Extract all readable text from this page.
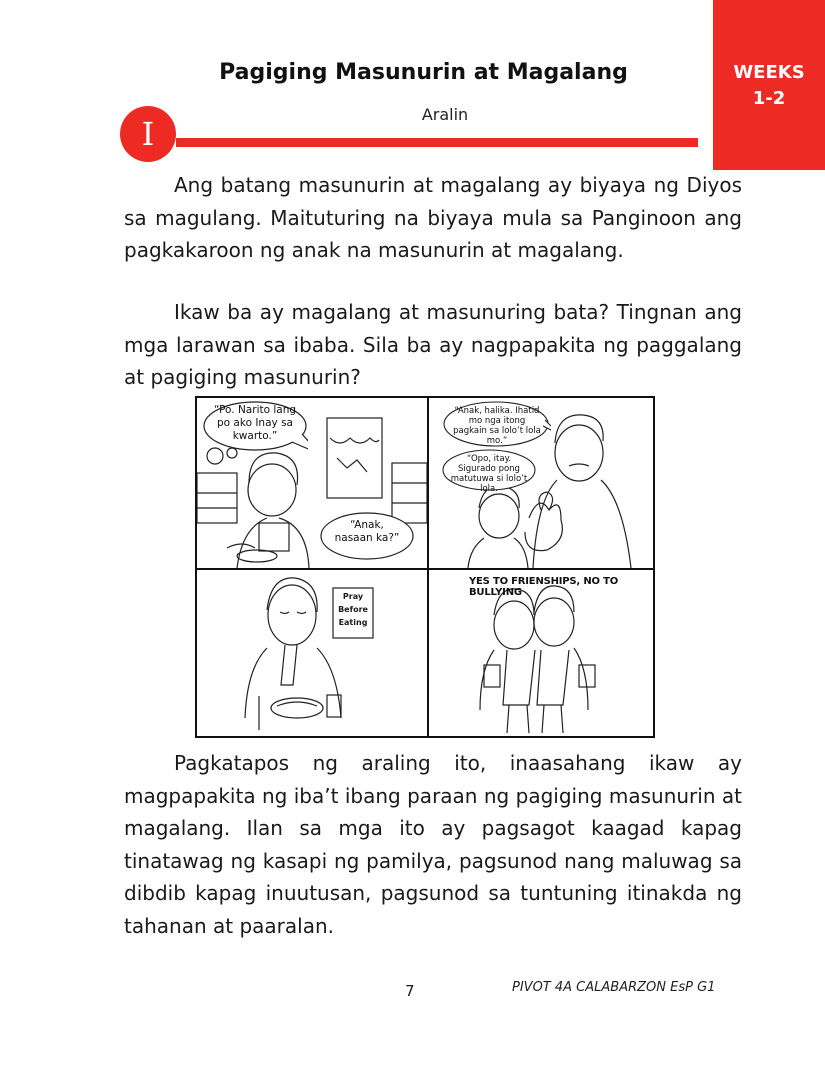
WEEKS
1-2
Pagiging Masunurin at Magalang
Aralin
I

Ang batang masunurin at magalang ay biyaya ng Diyos sa magulang. Maituturing na biyaya mula sa Panginoon ang pagkakaroon ng anak na masunurin at magalang.

Ikaw ba ay magalang at masunuring bata? Tingnan ang mga larawan sa ibaba. Sila ba ay nagpapakita ng paggalang at pagiging masunurin?

“Po. Narito lang po ako Inay sa kwarto.”
“Anak, nasaan ka?”
“Anak, halika. Ihatid mo nga itong pagkain sa lolo’t lola mo.”
“Opo, itay. Sigurado pong matutuwa si lolo’t lola.
Pray
Before
Eating
YES TO FRIENSHIPS, NO TO BULLYING

Pagkatapos ng araling ito, inaasahang ikaw ay magpapakita ng iba’t ibang paraan ng pagiging masunurin at magalang. Ilan sa mga ito ay pagsagot kaagad kapag tinatawag ng kasapi ng pamilya, pagsunod nang maluwag sa dibdib kapag inuutusan, pagsunod sa tuntuning itinakda ng tahanan at paaralan.

7	PIVOT 4A CALABARZON EsP G1
